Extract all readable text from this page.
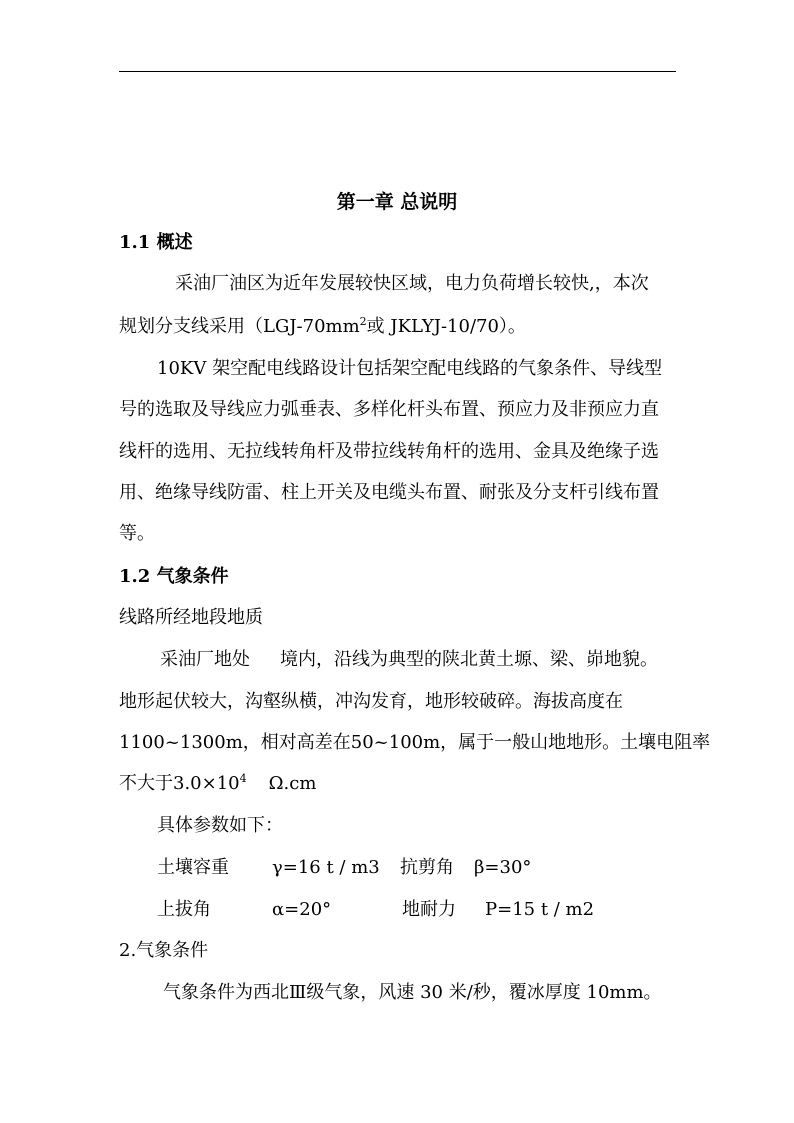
第一章 总说明
1.1 概述
采油厂油区为近年发展较快区域，电力负荷增长较快,，本次
规划分支线采用（$LGJ-70mm^2$或 JKLYJ-10/70）。
10KV 架空配电线路设计包括架空配电线路的气象条件、导线型
号的选取及导线应力弧垂表、多样化杆头布置、预应力及非预应力直
线杆的选用、无拉线转角杆及带拉线转角杆的选用、金具及绝缘子选
用、绝缘导线防雷、柱上开关及电缆头布置、耐张及分支杆引线布置
等。
1.2 气象条件
线路所经地段地质
采油厂地处 境内，沿线为典型的陕北黄土塬、梁、峁地貌。
地形起伏较大，沟壑纵横，冲沟发育，地形较破碎。海拔高度在
1100~1300m，相对高差在50~100m，属于一般山地地形。土壤电阻率
不大于$3.0\times 10^4$ Ω.cm
具体参数如下：
土壤容重 γ=16 t / m3 抗剪角 β=30°
上拔角	α=20°	地耐力 P=15 t / m2
2.气象条件
气象条件为西北Ⅲ级气象，风速 30 米/秒，覆冰厚度 10mm。
